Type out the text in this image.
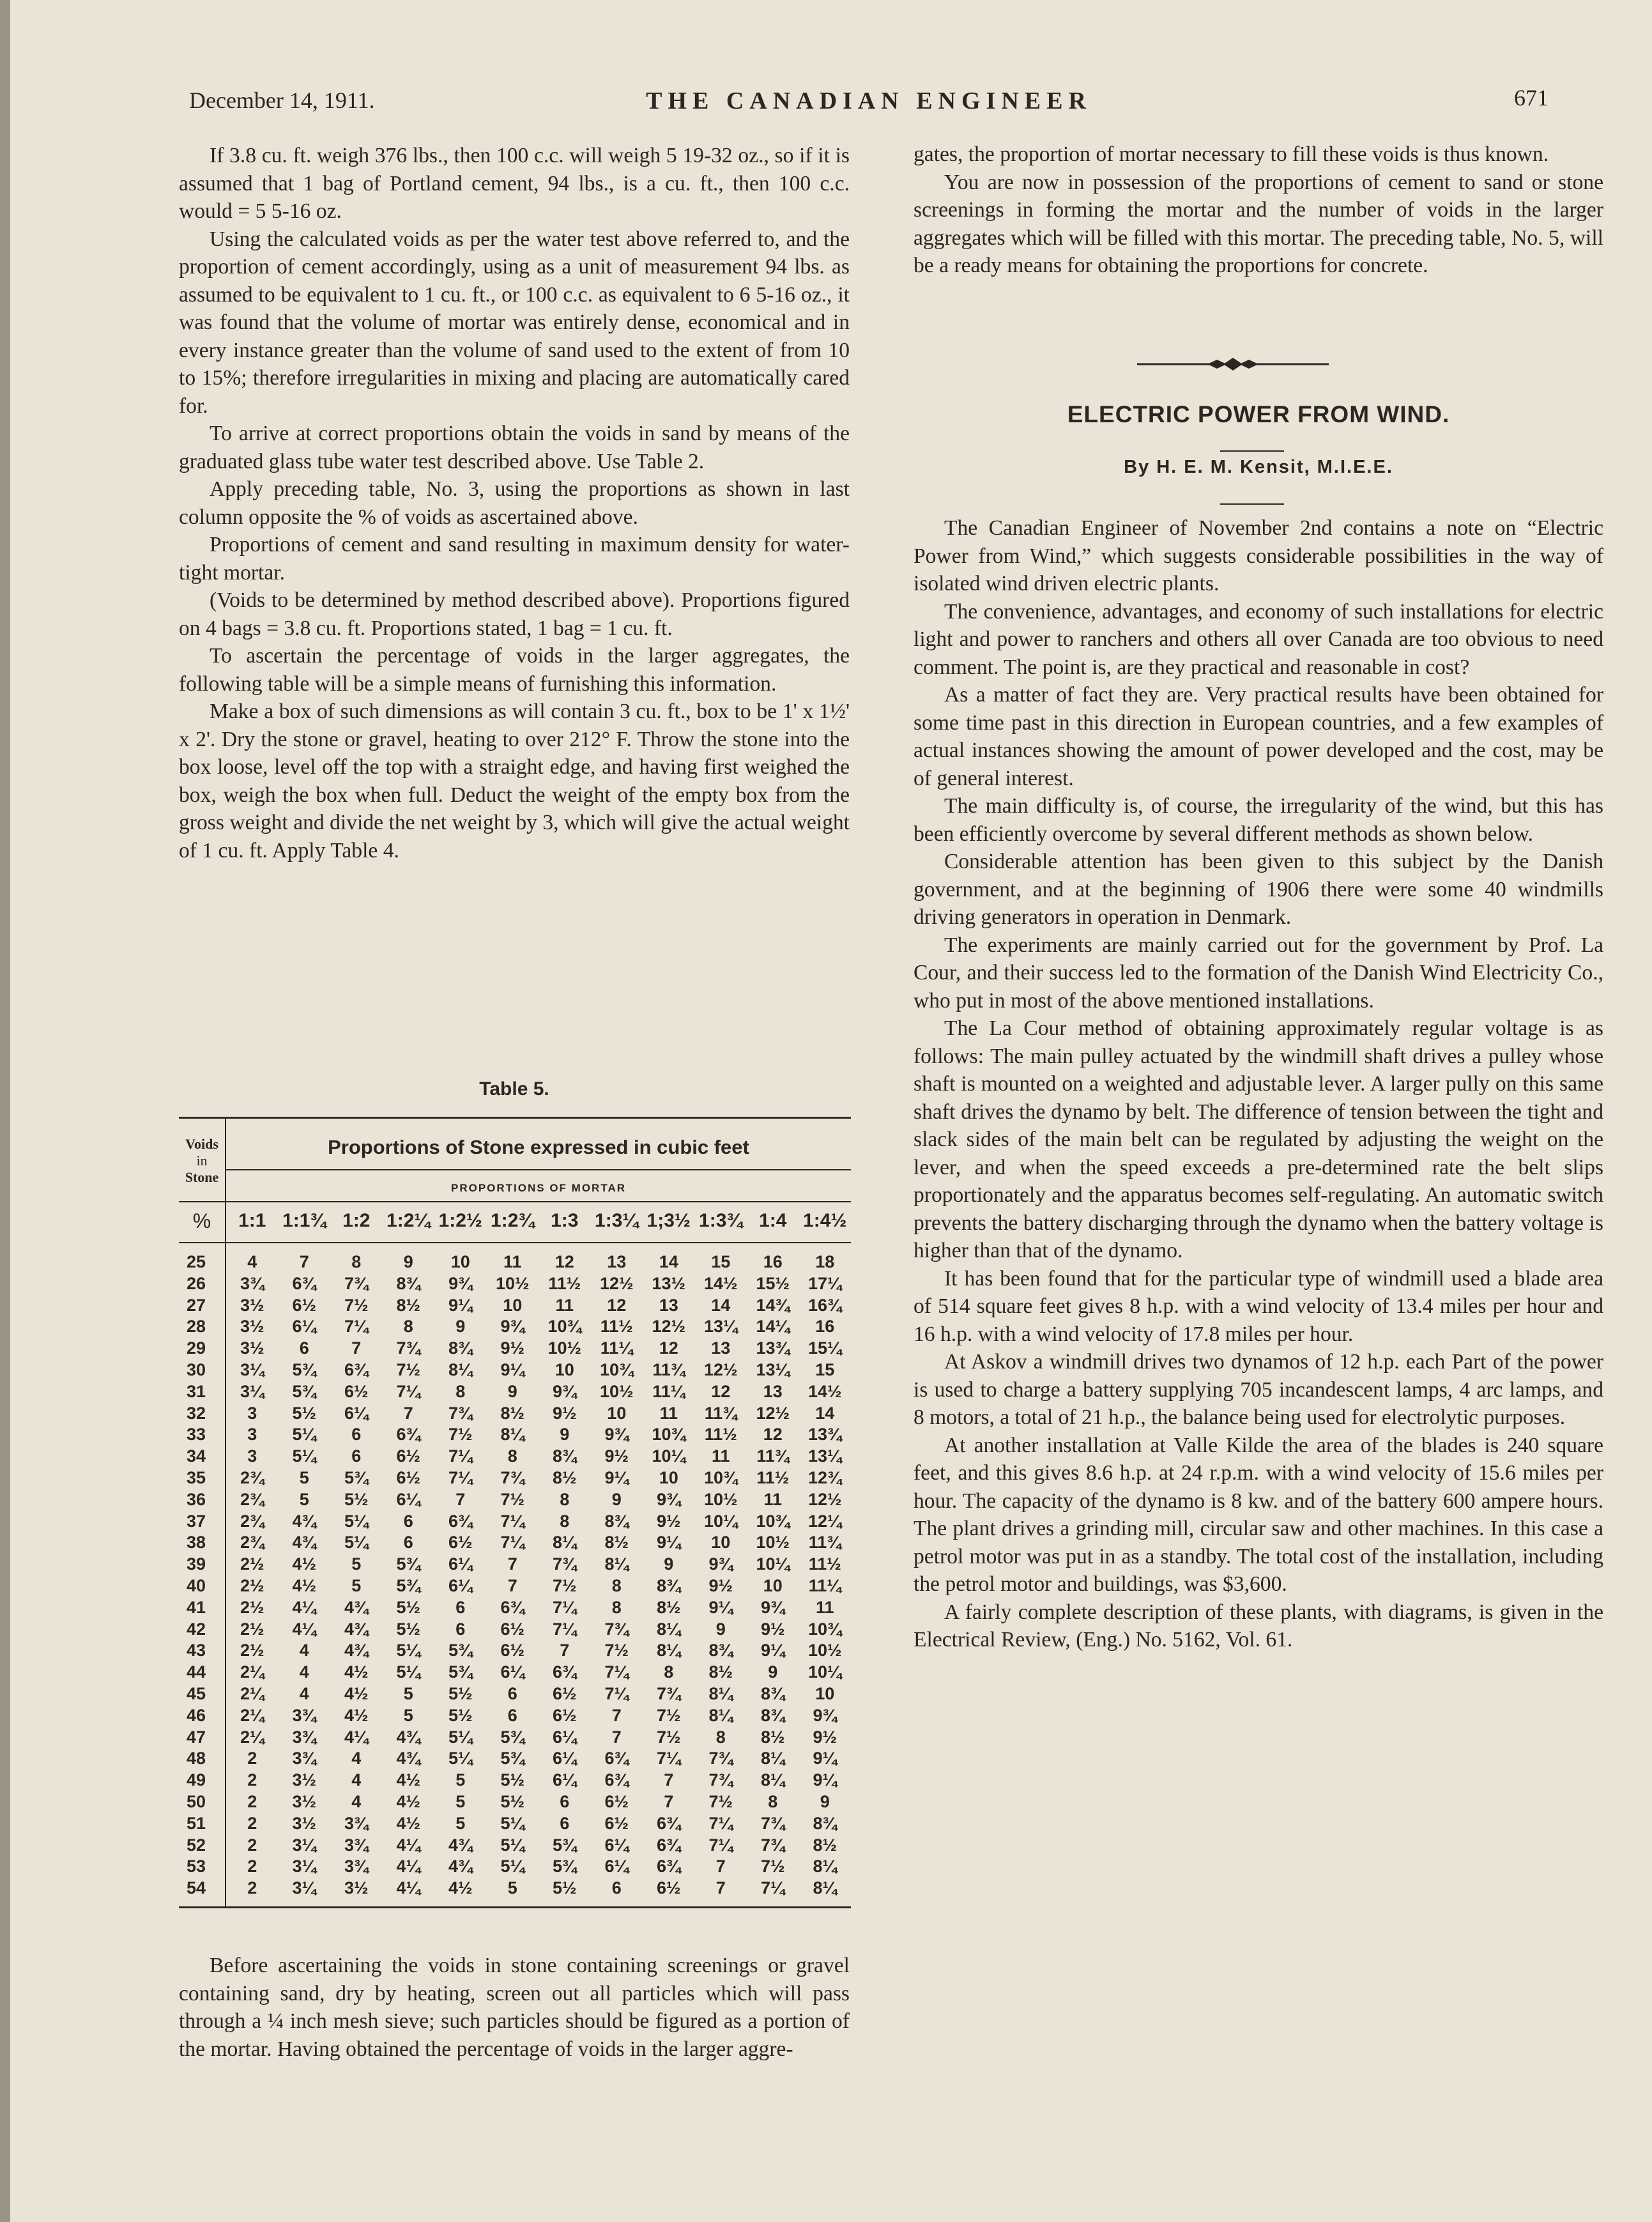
December 14, 1911.	THE CANADIAN ENGINEER	671

If 3.8 cu. ft. weigh 376 lbs., then 100 c.c. will weigh 5 19-32 oz., so if it is assumed that 1 bag of Portland cement, 94 lbs., is a cu. ft., then 100 c.c. would = 5 5-16 oz.

Using the calculated voids as per the water test above referred to, and the proportion of cement accordingly, using as a unit of measurement 94 lbs. as assumed to be equivalent to 1 cu. ft., or 100 c.c. as equivalent to 6 5-16 oz., it was found that the volume of mortar was entirely dense, economical and in every instance greater than the volume of sand used to the extent of from 10 to 15%; therefore irregularities in mixing and placing are automatically cared for.

To arrive at correct proportions obtain the voids in sand by means of the graduated glass tube water test described above. Use Table 2.

Apply preceding table, No. 3, using the proportions as shown in last column opposite the % of voids as ascertained above.

Proportions of cement and sand resulting in maximum density for water-tight mortar.

(Voids to be determined by method described above). Proportions figured on 4 bags = 3.8 cu. ft. Proportions stated, 1 bag = 1 cu. ft.

To ascertain the percentage of voids in the larger aggregates, the following table will be a simple means of furnishing this information.

Make a box of such dimensions as will contain 3 cu. ft., box to be 1' x 1½' x 2'. Dry the stone or gravel, heating to over 212° F. Throw the stone into the box loose, level off the top with a straight edge, and having first weighed the box, weigh the box when full. Deduct the weight of the empty box from the gross weight and divide the net weight by 3, which will give the actual weight of 1 cu. ft. Apply Table 4.

Table 5.
Voids
in
Stone
Proportions of Stone expressed in cubic feet
PROPORTIONS OF MORTAR
%	1:1 1:1¾ 1:2 1:2¼ 1:2½ 1:2¾ 1:3 1:3¼ 1;3½ 1:3¾ 1:4 1:4½
25	4	7	8	9	10	11	12	13	14	15	16	18
26	3¾	6¾	7¾	8¾	9¾	10½	11½	12½	13½	14½	15½	17¼
27	3½	6½	7½	8½	9¼	10	11	12	13	14	14¾	16¾
28	3½	6¼	7¼	8	9	9¾	10¾	11½	12½	13¼	14¼	16
29	3½	6	7	7¾	8¾	9½	10½	11¼	12	13	13¾	15¼
30	3¼	5¾	6¾	7½	8¼	9¼	10	10¾	11¾	12½	13¼	15
31	3¼	5¾	6½	7¼	8	9	9¾	10½	11¼	12	13	14½
32	3	5½	6¼	7	7¾	8½	9½	10	11	11¾	12½	14
33	3	5¼	6	6¾	7½	8¼	9	9¾	10¾	11½	12	13¾
34	3	5¼	6	6½	7¼	8	8¾	9½	10¼	11	11¾	13¼
35	2¾	5	5¾	6½	7¼	7¾	8½	9¼	10	10¾	11½	12¾
36	2¾	5	5½	6¼	7	7½	8	9	9¾	10½	11	12½
37	2¾	4¾	5¼	6	6¾	7¼	8	8¾	9½	10¼	10¾	12¼
38	2¾	4¾	5¼	6	6½	7¼	8¼	8½	9¼	10	10½	11¾
39	2½	4½	5	5¾	6¼	7	7¾	8¼	9	9¾	10¼	11½
40	2½	4½	5	5¾	6¼	7	7½	8	8¾	9½	10	11¼
41	2½	4¼	4¾	5½	6	6¾	7¼	8	8½	9¼	9¾	11
42	2½	4¼	4¾	5½	6	6½	7¼	7¾	8¼	9	9½	10¾
43	2½	4	4¾	5¼	5¾	6½	7	7½	8¼	8¾	9¼	10½
44	2¼	4	4½	5¼	5¾	6¼	6¾	7¼	8	8½	9	10¼
45	2¼	4	4½	5	5½	6	6½	7¼	7¾	8¼	8¾	10
46	2¼	3¾	4½	5	5½	6	6½	7	7½	8¼	8¾	9¾
47	2¼	3¾	4¼	4¾	5¼	5¾	6¼	7	7½	8	8½	9½
48	2	3¾	4	4¾	5¼	5¾	6¼	6¾	7¼	7¾	8¼	9¼
49	2	3½	4	4½	5	5½	6¼	6¾	7	7¾	8¼	9¼
50	2	3½	4	4½	5	5½	6	6½	7	7½	8	9
51	2	3½	3¾	4½	5	5¼	6	6½	6¾	7¼	7¾	8¾
52	2	3¼	3¾	4¼	4¾	5¼	5¾	6¼	6¾	7¼	7¾	8½
53	2	3¼	3¾	4¼	4¾	5¼	5¾	6¼	6¾	7	7½	8¼
54	2	3¼	3½	4¼	4½	5	5½	6	6½	7	7¼	8¼

Before ascertaining the voids in stone containing screenings or gravel containing sand, dry by heating, screen out all particles which will pass through a ¼ inch mesh sieve; such particles should be figured as a portion of the mortar. Having obtained the percentage of voids in the larger aggre-

gates, the proportion of mortar necessary to fill these voids is thus known.

You are now in possession of the proportions of cement to sand or stone screenings in forming the mortar and the number of voids in the larger aggregates which will be filled with this mortar. The preceding table, No. 5, will be a ready means for obtaining the proportions for concrete.

ELECTRIC POWER FROM WIND.
By H. E. M. Kensit, M.I.E.E.

The Canadian Engineer of November 2nd contains a note on “Electric Power from Wind,” which suggests considerable possibilities in the way of isolated wind driven electric plants.

The convenience, advantages, and economy of such installations for electric light and power to ranchers and others all over Canada are too obvious to need comment. The point is, are they practical and reasonable in cost?

As a matter of fact they are. Very practical results have been obtained for some time past in this direction in European countries, and a few examples of actual instances showing the amount of power developed and the cost, may be of general interest.

The main difficulty is, of course, the irregularity of the wind, but this has been efficiently overcome by several different methods as shown below.

Considerable attention has been given to this subject by the Danish government, and at the beginning of 1906 there were some 40 windmills driving generators in operation in Denmark.

The experiments are mainly carried out for the government by Prof. La Cour, and their success led to the formation of the Danish Wind Electricity Co., who put in most of the above mentioned installations.

The La Cour method of obtaining approximately regular voltage is as follows: The main pulley actuated by the windmill shaft drives a pulley whose shaft is mounted on a weighted and adjustable lever. A larger pully on this same shaft drives the dynamo by belt. The difference of tension between the tight and slack sides of the main belt can be regulated by adjusting the weight on the lever, and when the speed exceeds a pre-determined rate the belt slips proportionately and the apparatus becomes self-regulating. An automatic switch prevents the battery discharging through the dynamo when the battery voltage is higher than that of the dynamo.

It has been found that for the particular type of windmill used a blade area of 514 square feet gives 8 h.p. with a wind velocity of 13.4 miles per hour and 16 h.p. with a wind velocity of 17.8 miles per hour.

At Askov a windmill drives two dynamos of 12 h.p. each Part of the power is used to charge a battery supplying 705 incandescent lamps, 4 arc lamps, and 8 motors, a total of 21 h.p., the balance being used for electrolytic purposes.

At another installation at Valle Kilde the area of the blades is 240 square feet, and this gives 8.6 h.p. at 24 r.p.m. with a wind velocity of 15.6 miles per hour. The capacity of the dynamo is 8 kw. and of the battery 600 ampere hours. The plant drives a grinding mill, circular saw and other machines. In this case a petrol motor was put in as a standby. The total cost of the installation, including the petrol motor and buildings, was $3,600.

A fairly complete description of these plants, with diagrams, is given in the Electrical Review, (Eng.) No. 5162, Vol. 61.
